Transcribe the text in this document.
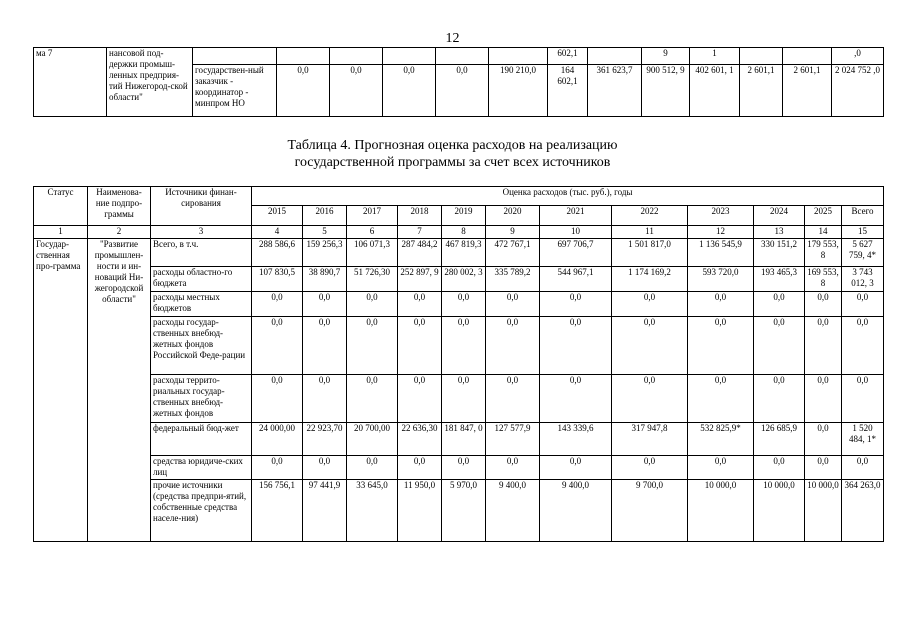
12
ма 7	нансовой под-держки промыш-ленных предприя-тий Нижегород-ской области"							602,1		9	1			,0
		государствен-ный заказчик - координатор - минпром НО	0,0	0,0	0,0	0,0	190 210,0	164 602,1	361 623,7	900 512, 9	402 601, 1	2 601,1	2 601,1	2 024 752 ,0
Таблица 4. Прогнозная оценка расходов на реализацию
государственной программы за счет всех источников
Статус	Наименова-ние подпро-граммы	Источники финан-сирования	Оценка расходов (тыс. руб.), годы											
			2015	2016	2017	2018	2019	2020	2021	2022	2023	2024	2025	Всего
1	2	3	4	5	6	7	8	9	10	11	12	13	14	15
Государ-ственная про-грамма	"Развитие промышлен-ности и ин-новаций Ни-жегородской области"	Всего, в т.ч.	288 586,6	159 256,3	106 071,3	287 484,2	467 819,3	472 767,1	697 706,7	1 501 817,0	1 136 545,9	330 151,2	179 553, 8	5 627 759, 4*
		расходы областно-го бюджета	107 830,5	38 890,7	51 726,30	252 897, 9	280 002, 3	335 789,2	544 967,1	1 174 169,2	593 720,0	193 465,3	169 553, 8	3 743 012, 3
		расходы местных бюджетов	0,0	0,0	0,0	0,0	0,0	0,0	0,0	0,0	0,0	0,0	0,0	0,0
		расходы государ-ственных внебюд-жетных фондов Российской Феде-рации	0,0	0,0	0,0	0,0	0,0	0,0	0,0	0,0	0,0	0,0	0,0	0,0
		расходы террито-риальных государ-ственных внебюд-жетных фондов	0,0	0,0	0,0	0,0	0,0	0,0	0,0	0,0	0,0	0,0	0,0	0,0
		федеральный бюд-жет	24 000,00	22 923,70	20 700,00	22 636,30	181 847, 0	127 577,9	143 339,6	317 947,8	532 825,9*	126 685,9	0,0	1 520 484, 1*
		средства юридиче-ских лиц	0,0	0,0	0,0	0,0	0,0	0,0	0,0	0,0	0,0	0,0	0,0	0,0
		прочие источники (средства предпри-ятий, собственные средства населе-ния)	156 756,1	97 441,9	33 645,0	11 950,0	5 970,0	9 400,0	9 400,0	9 700,0	10 000,0	10 000,0	10 000,0	364 263,0
